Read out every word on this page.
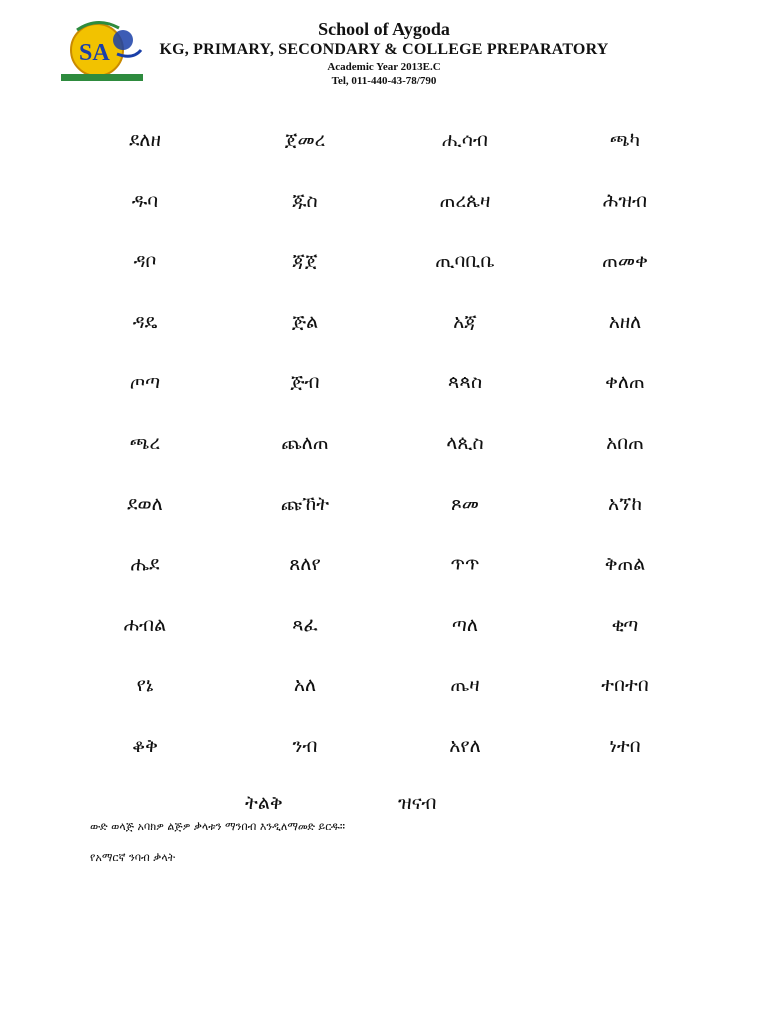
SA
School of Aygoda
KG, PRIMARY, SECONDARY & COLLEGE PREPARATORY
Academic Year 2013E.C
Tel, 011-440-43-78/790
ደለዘ	ጀመረ	ሒሳብ	ጫካ
ዱባ	ጁስ	ጠረጴዛ	ሕዝብ
ዳቦ	ጃጀ	ጢባቢቤ	ጠመቀ
ዳዴ	ጅል	አጃ	አዘለ
ጦጣ	ጅብ	ጳጳስ	ቀለጠ
ጫረ	ጨለጠ	ላጲስ	አበጠ
ደወለ	ጩኸት	ጾመ	አኘከ
ሔደ	ጸለየ	ጥጥ	ቅጠል
ሐብል	ጻፈ	ጣለ	ቂጣ
የኔ	አለ	ጤዛ	ተበተበ
ቆቅ	ንብ	አየለ	ነተበ
ትልቅ	ዝናብ
ውድ ወላጅ አባክዎ ልጅዎ ቃላቱን ማንበብ እንዲለማመድ ይርዱ።
የአማርኛ ንባብ ቃላት
